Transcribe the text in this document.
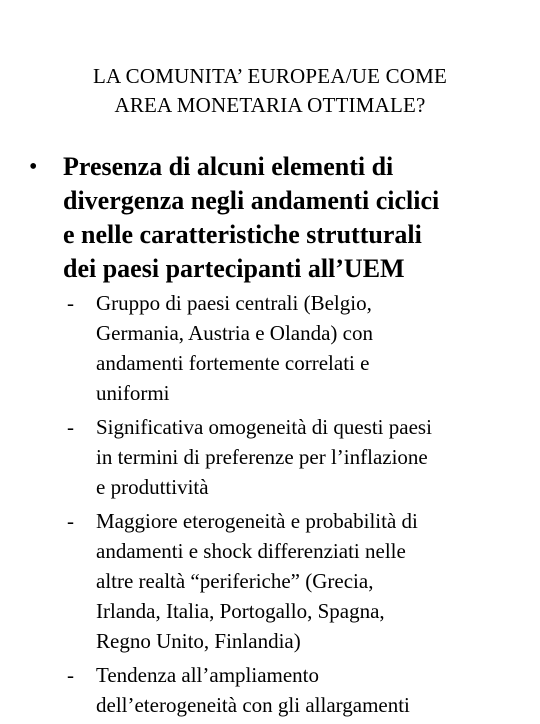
LA COMUNITA’ EUROPEA/UE COME
AREA MONETARIA OTTIMALE?
• Presenza di alcuni elementi di
divergenza negli andamenti ciclici
e nelle caratteristiche strutturali
dei paesi partecipanti all’UEM
- Gruppo di paesi centrali (Belgio,
Germania, Austria e Olanda) con
andamenti fortemente correlati e
uniformi
- Significativa omogeneità di questi paesi
in termini di preferenze per l’inflazione
e produttività
- Maggiore eterogeneità e probabilità di
andamenti e shock differenziati nelle
altre realtà “periferiche” (Grecia,
Irlanda, Italia, Portogallo, Spagna,
Regno Unito, Finlandia)
- Tendenza all’ampliamento
dell’eterogeneità con gli allargamenti
